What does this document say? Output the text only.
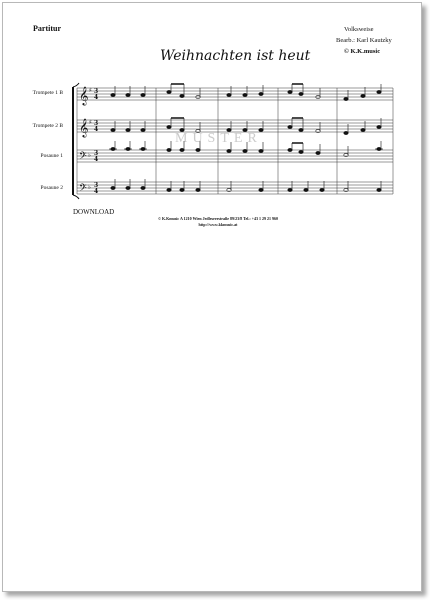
Partitur
Weihnachten ist heut
Volksweise
Bearb.: Karl Kautzky
© K.K.music
Trompete 1 B
Trompete 2 B
Posaune 1
Posaune 2
𝄞
𝄞
𝄢
𝄢
♯
♯
♭
♭
3
4
3
4
3
4
3
4
MUSTER
DOWNLOAD
© K.Kmusic A 1210 Wien Jedleseerstraße 89/23/8 Tel.: +43 1 29 21 960
http://www.kkmusic.at
